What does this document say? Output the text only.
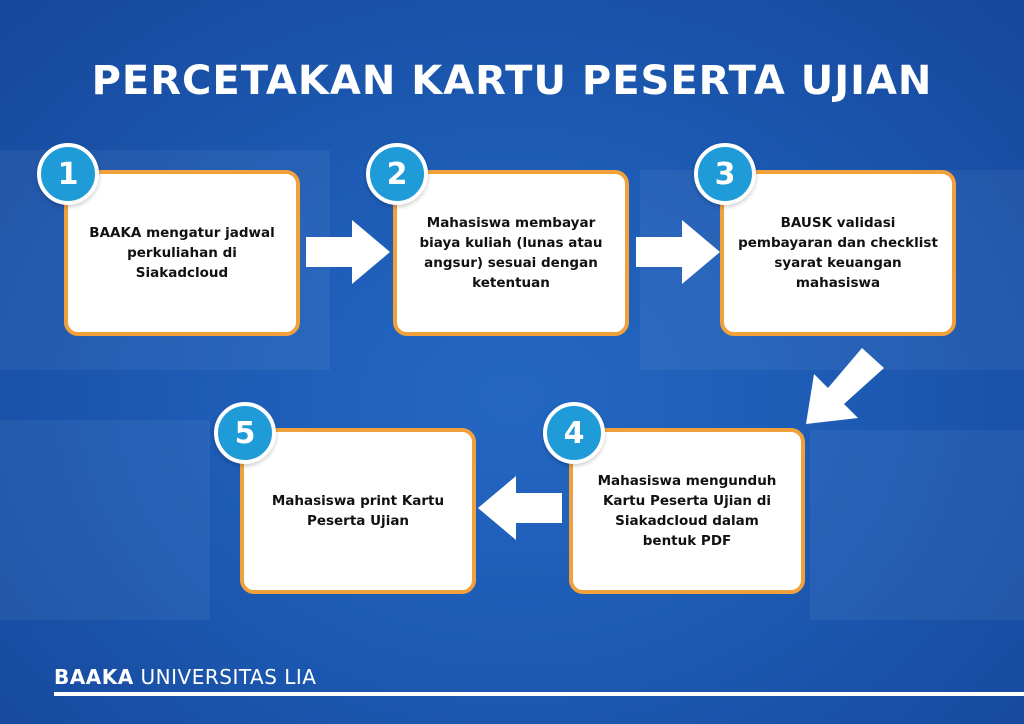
PERCETAKAN KARTU PESERTA UJIAN
BAAKA mengatur jadwal perkuliahan di Siakadcloud
1
Mahasiswa membayar biaya kuliah (lunas atau angsur) sesuai dengan ketentuan
2
BAUSK validasi pembayaran dan checklist syarat keuangan mahasiswa
3
Mahasiswa mengunduh Kartu Peserta Ujian di Siakadcloud dalam bentuk PDF
4
Mahasiswa print Kartu Peserta Ujian
5
BAAKA UNIVERSITAS LIA
